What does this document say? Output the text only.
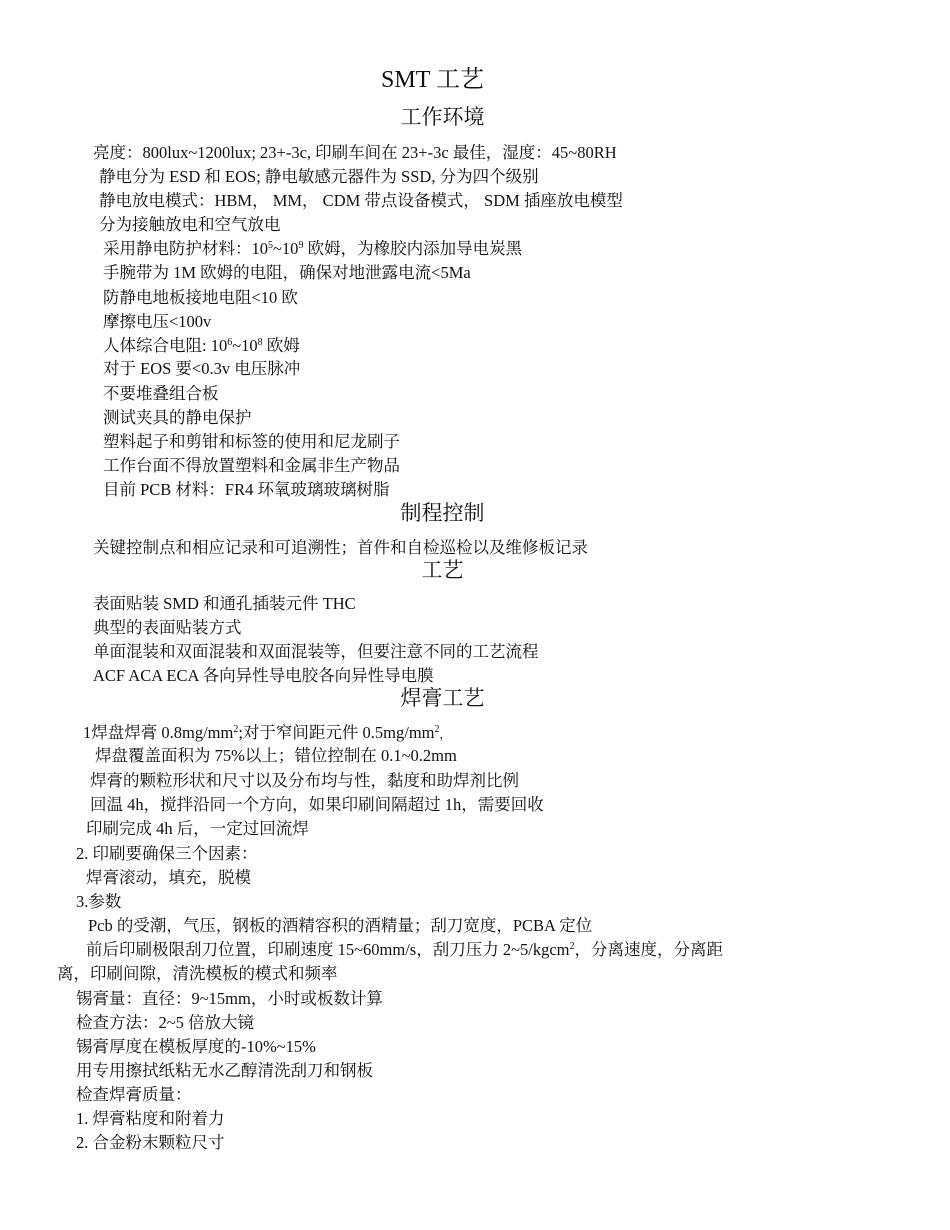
SMT 工艺
工作环境
亮度：800lux~1200lux; 23+-3c, 印刷车间在 23+-3c 最佳，湿度：45~80RH
静电分为 ESD 和 EOS; 静电敏感元器件为 SSD, 分为四个级别
静电放电模式：HBM， MM， CDM 带点设备模式， SDM 插座放电模型
分为接触放电和空气放电
采用静电防护材料：$10^5\sim 10^9$ 欧姆，为橡胶内添加导电炭黑
手腕带为 1M 欧姆的电阻，确保对地泄露电流<5Ma
防静电地板接地电阻<10 欧
摩擦电压<100v
人体综合电阻: $10^6\sim 10^8$ 欧姆
对于 EOS 要<0.3v 电压脉冲
不要堆叠组合板
测试夹具的静电保护
塑料起子和剪钳和标签的使用和尼龙刷子
工作台面不得放置塑料和金属非生产物品
目前 PCB 材料：FR4 环氧玻璃玻璃树脂
制程控制
关键控制点和相应记录和可追溯性；首件和自检巡检以及维修板记录
工艺
表面贴装 SMD 和通孔插装元件 THC
典型的表面贴装方式
单面混装和双面混装和双面混装等，但要注意不同的工艺流程
ACF ACA ECA 各向异性导电胶各向异性导电膜
焊膏工艺
1焊盘焊膏 $0.8mg/mm^2$;对于窄间距元件 $0.5mg/mm^2$，
焊盘覆盖面积为 75%以上；错位控制在 0.1~0.2mm
焊膏的颗粒形状和尺寸以及分布均与性，黏度和助焊剂比例
回温 4h，搅拌沿同一个方向，如果印刷间隔超过 1h，需要回收
印刷完成 4h 后，一定过回流焊
2. 印刷要确保三个因素：
焊膏滚动，填充，脱模
3.参数
Pcb 的受潮，气压，钢板的酒精容积的酒精量；刮刀宽度，PCBA 定位
前后印刷极限刮刀位置，印刷速度 15~60mm/s，刮刀压力 2~5/kgcm$^2$，分离速度，分离距
离，印刷间隙，清洗模板的模式和频率
锡膏量：直径：9~15mm，小时或板数计算
检查方法：2~5 倍放大镜
锡膏厚度在模板厚度的-10%~15%
用专用擦拭纸粘无水乙醇清洗刮刀和钢板
检查焊膏质量：
1. 焊膏粘度和附着力
2. 合金粉末颗粒尺寸
